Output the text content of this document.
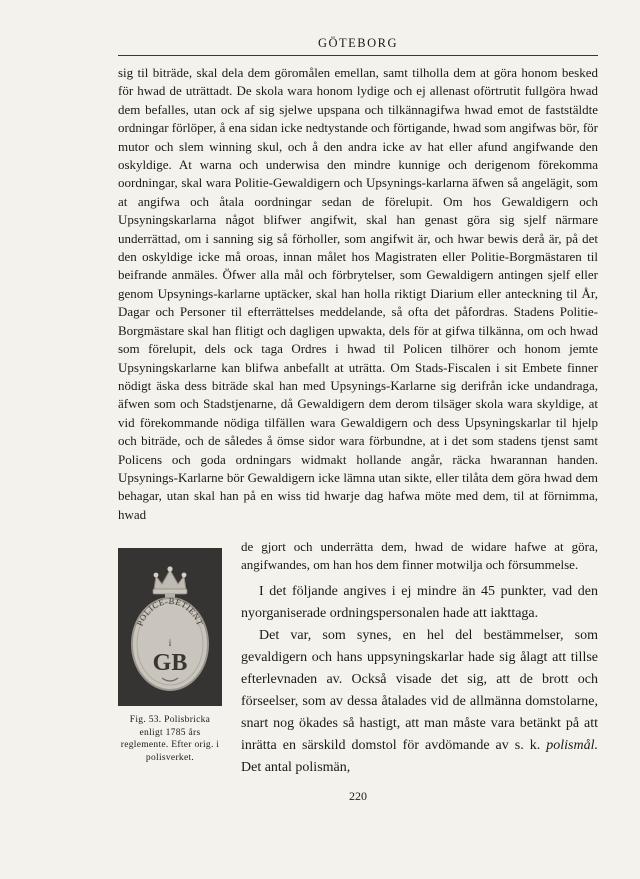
GÖTEBORG
sig til biträde, skal dela dem göromålen emellan, samt tilholla dem at göra honom besked för hwad de uträttadt. De skola wara honom lydige och ej allenast oförtrutit fullgöra hwad dem befalles, utan ock af sig sjelwe upspana och tilkännagifwa hwad emot de faststäldte ordningar förlöper, å ena sidan icke nedtystande och förtigande, hwad som angifwas bör, för mutor och slem winning skul, och å den andra icke av hat eller afund angifwande den oskyldige. At warna och underwisa den mindre kunnige och derigenom förekomma oordningar, skal wara Politie-Gewaldigern och Upsynings-karlarna äfwen så angelägit, som at angifwa och åtala oordningar sedan de förelupit. Om hos Gewaldigern och Upsyningskarlarna något blifwer angifwit, skal han genast göra sig sjelf närmare underrättad, om i sanning sig så förholler, som angifwit är, och hwar bewis derå är, på det den oskyldige icke må oroas, innan målet hos Magistraten eller Politie-Borgmästaren til beifrande anmäles. Öfwer alla mål och förbrytelser, som Gewaldigern antingen sjelf eller genom Upsynings-karlarne uptäcker, skal han holla riktigt Diarium eller anteckning til År, Dagar och Personer til efterrättelses meddelande, så ofta det påfordras. Stadens Politie-Borgmästare skal han flitigt och dagligen upwakta, dels för at gifwa tilkänna, om och hwad som förelupit, dels ock taga Ordres i hwad til Policen tilhörer och honom jemte Upsyningskarlarne kan blifwa anbefallt at uträtta. Om Stads-Fiscalen i sit Embete finner nödigt äska dess biträde skal han med Upsynings-Karlarne sig derifrån icke undandraga, äfwen som och Stadstjenarne, då Gewaldigern dem derom tilsäger skola wara skyldige, at vid förekommande nödiga tilfällen wara Gewaldigern och dess Upsyningskarlar til hjelp och biträde, och de således å ömse sidor wara förbundne, at i det som stadens tjenst samt Policens och goda ordningars widmakt hollande angår, räcka hwarannan handen. Upsynings-Karlarne bör Gewaldigern icke lämna utan sikte, eller tilåta dem göra hwad dem behagar, utan skal han på en wiss tid hwarje dag hafwa möte med dem, til at förnimma, hwad
POLICE-BETIENT
i
GB
Fig. 53. Polisbricka enligt 1785 års reglemente. Efter orig. i polisverket.

de gjort och underrätta dem, hwad de widare hafwe at göra, angifwandes, om han hos dem finner motwilja och försummelse.

I det följande angives i ej mindre än 45 punkter, vad den nyorganiserade ordningspersonalen hade att iakttaga.

Det var, som synes, en hel del bestämmelser, som gevaldigern och hans uppsyningskarlar hade sig ålagt att tillse efterlevnaden av. Också visade det sig, att de brott och förseelser, som av dessa åtalades vid de allmänna domstolarne, snart nog ökades så hastigt, att man måste vara betänkt på att inrätta en särskild domstol för avdömande av s. k. polismål. Det antal polismän,

220
